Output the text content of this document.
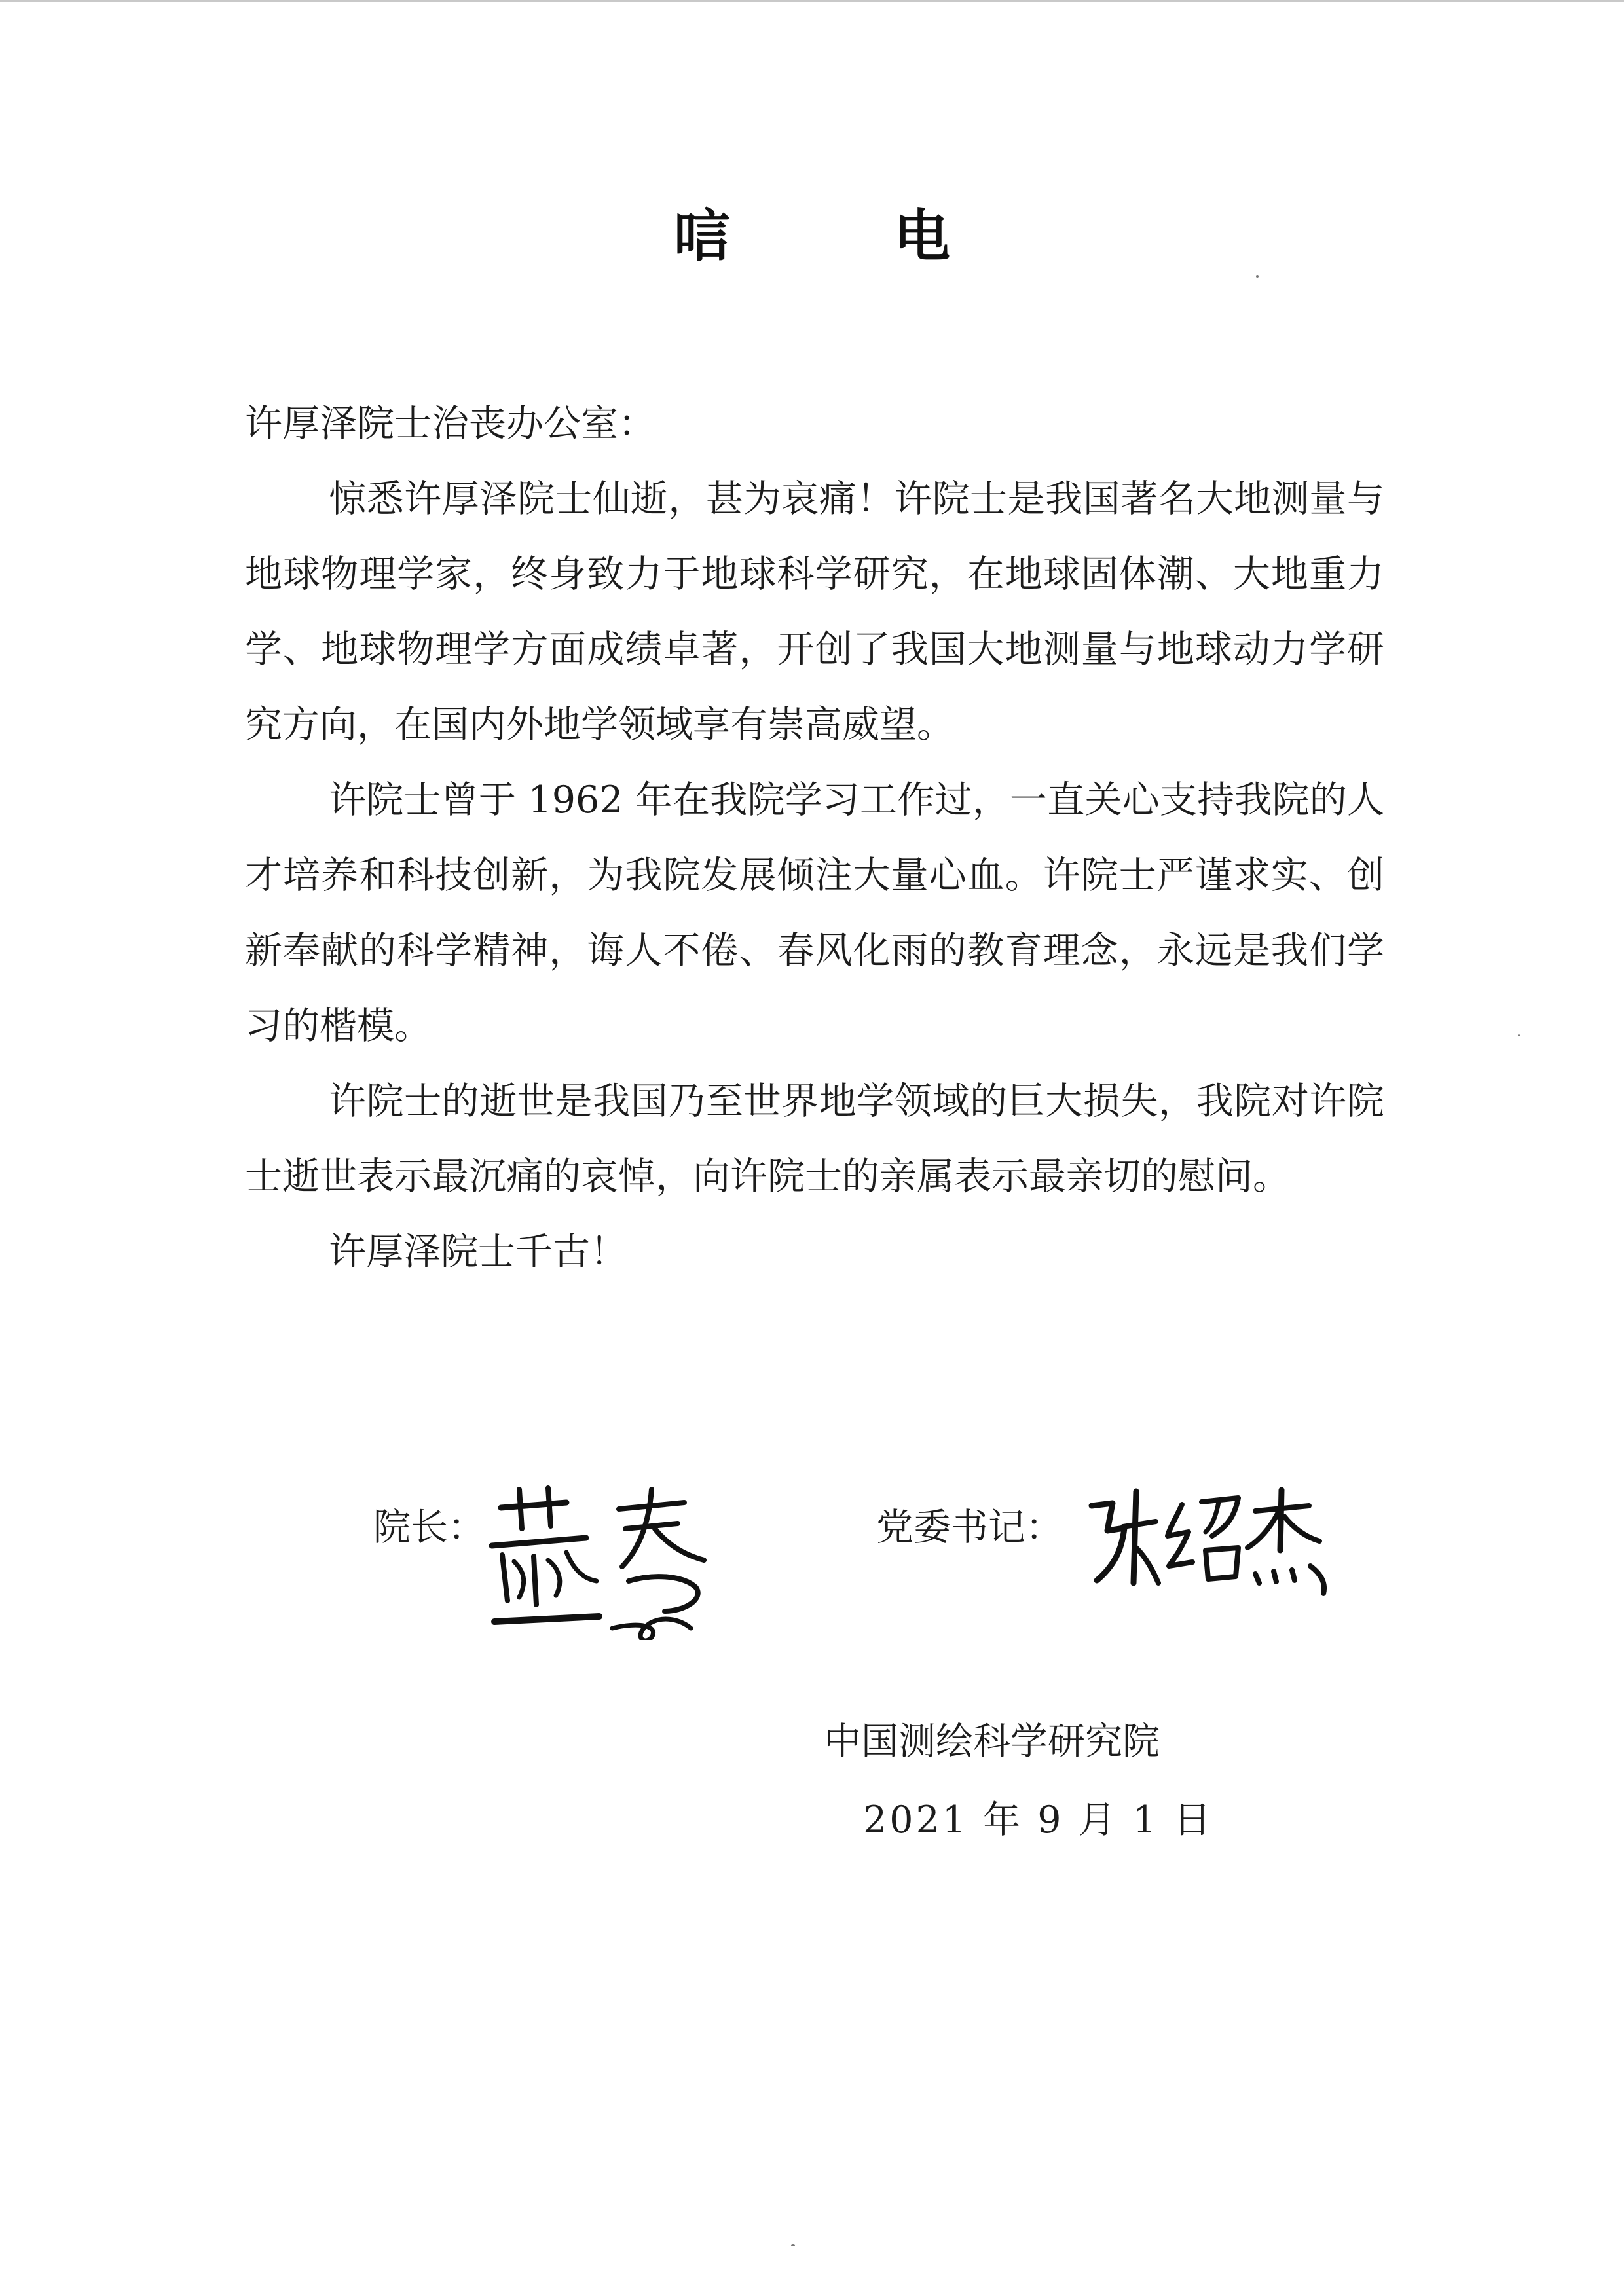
唁 电

许厚泽院士治丧办公室：

惊悉许厚泽院士仙逝，甚为哀痛！许院士是我国著名大地测量与地球物理学家，终身致力于地球科学研究，在地球固体潮、大地重力学、地球物理学方面成绩卓著，开创了我国大地测量与地球动力学研究方向，在国内外地学领域享有崇高威望。

许院士曾于 1962 年在我院学习工作过，一直关心支持我院的人才培养和科技创新，为我院发展倾注大量心血。许院士严谨求实、创新奉献的科学精神，诲人不倦、春风化雨的教育理念，永远是我们学习的楷模。

许院士的逝世是我国乃至世界地学领域的巨大损失，我院对许院士逝世表示最沉痛的哀悼，向许院士的亲属表示最亲切的慰问。

许厚泽院士千古！

院长：	党委书记：
中国测绘科学研究院
2021 年 9 月 1 日
